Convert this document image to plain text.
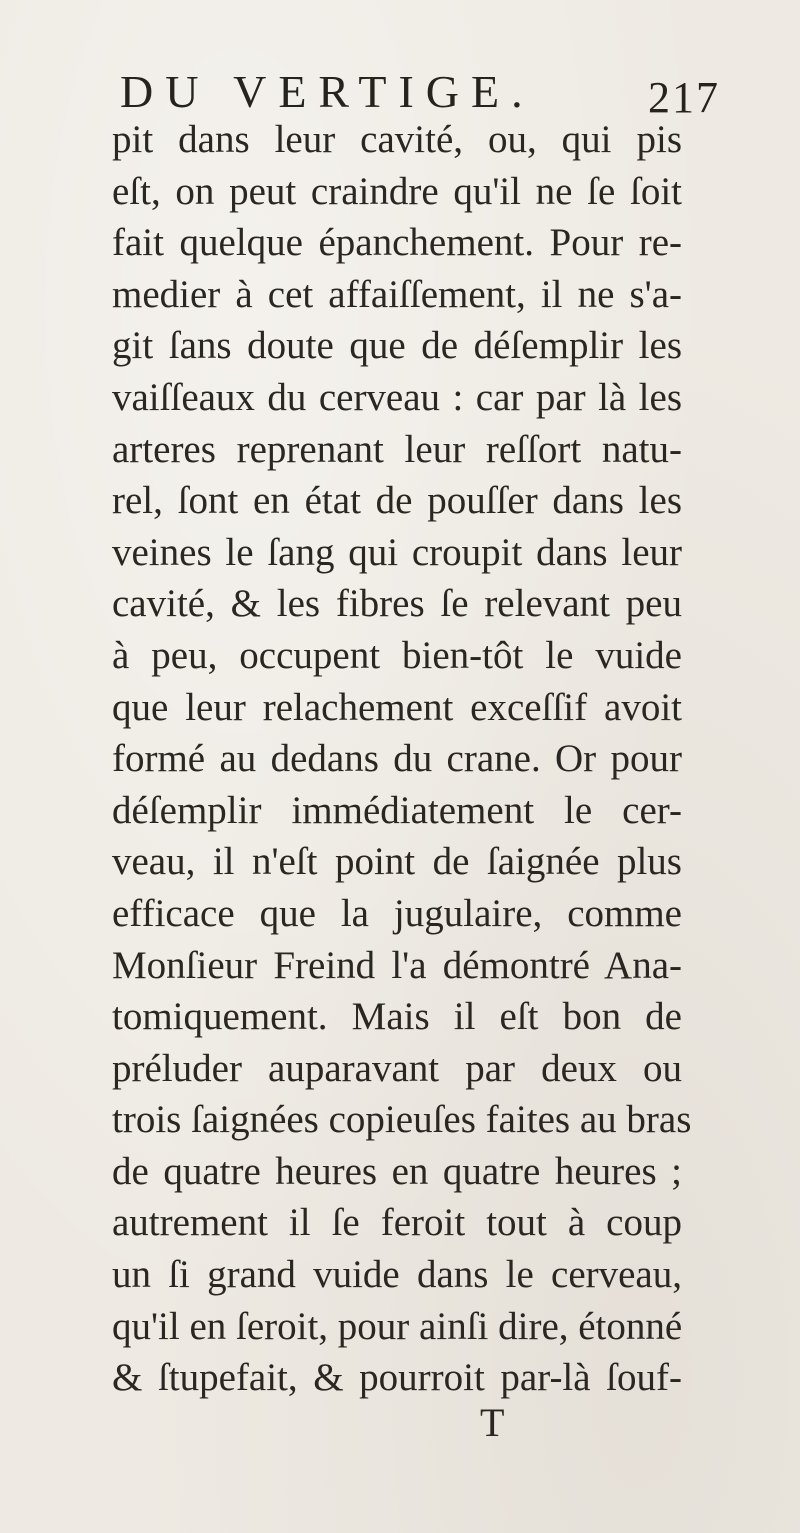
DU VERTIGE.	217
pit dans leur cavité, ou, qui pis
eſt, on peut craindre qu'il ne ſe ſoit
fait quelque épanchement. Pour re-
medier à cet affaiſſement, il ne s'a-
git ſans doute que de déſemplir les
vaiſſeaux du cerveau : car par là les
arteres reprenant leur reſſort natu-
rel, ſont en état de pouſſer dans les
veines le ſang qui croupit dans leur
cavité, & les fibres ſe relevant peu
à peu, occupent bien-tôt le vuide
que leur relachement exceſſif avoit
formé au dedans du crane. Or pour
déſemplir immédiatement le cer-
veau, il n'eſt point de ſaignée plus
efficace que la jugulaire, comme
Monſieur Freind l'a démontré Ana-
tomiquement. Mais il eſt bon de
préluder auparavant par deux ou
trois ſaignées copieuſes faites au bras
de quatre heures en quatre heures ;
autrement il ſe feroit tout à coup
un ſi grand vuide dans le cerveau,
qu'il en ſeroit, pour ainſi dire, étonné
& ſtupefait, & pourroit par-là ſouf-
T
